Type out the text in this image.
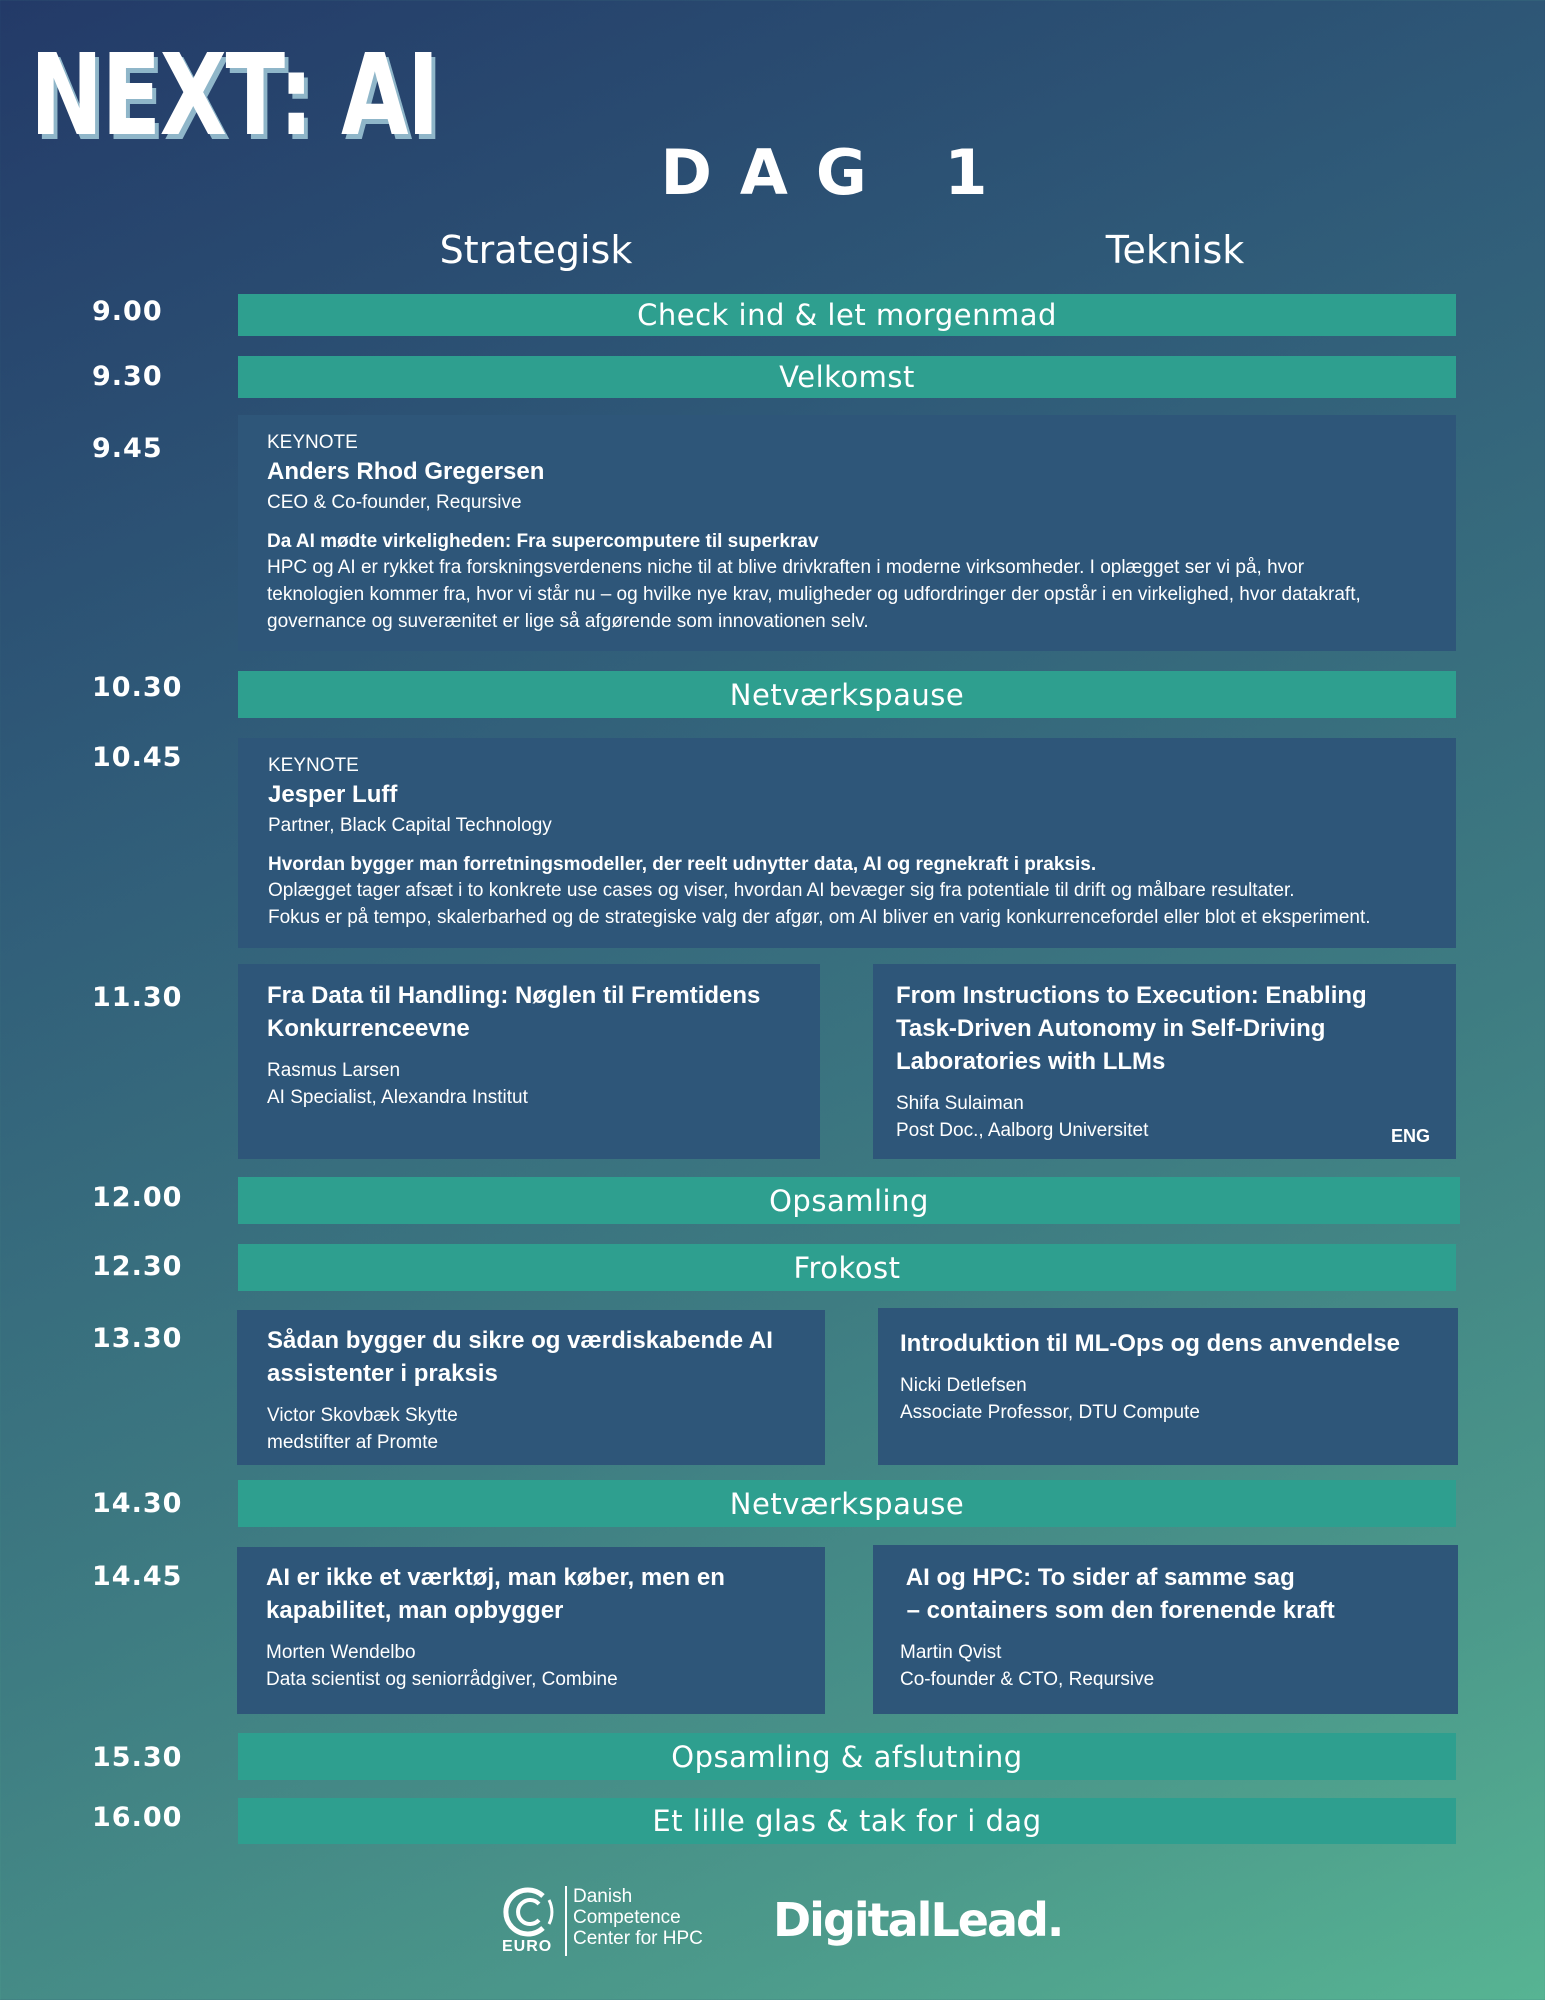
NEXT: AI
DAG 1
Strategisk	Teknisk
9.00
9.30
9.45
10.30
10.45
11.30
12.00
12.30
13.30
14.30
14.45
15.30
16.00
Check ind & let morgenmad
Velkomst
Netværkspause
Opsamling
Frokost
Netværkspause
Opsamling & afslutning
Et lille glas & tak for i dag
KEYNOTE
Anders Rhod Gregersen
CEO & Co-founder, Reqursive
Da AI mødte virkeligheden: Fra supercomputere til superkrav
HPC og AI er rykket fra forskningsverdenens niche til at blive drivkraften i moderne virksomheder. I oplægget ser vi på, hvor
teknologien kommer fra, hvor vi står nu – og hvilke nye krav, muligheder og udfordringer der opstår i en virkelighed, hvor datakraft,
governance og suverænitet er lige så afgørende som innovationen selv.
KEYNOTE
Jesper Luff
Partner, Black Capital Technology
Hvordan bygger man forretningsmodeller, der reelt udnytter data, AI og regnekraft i praksis.
Oplægget tager afsæt i to konkrete use cases og viser, hvordan AI bevæger sig fra potentiale til drift og målbare resultater.
Fokus er på tempo, skalerbarhed og de strategiske valg der afgør, om AI bliver en varig konkurrencefordel eller blot et eksperiment.
Fra Data til Handling: Nøglen til Fremtidens
Konkurrenceevne
Rasmus Larsen
AI Specialist, Alexandra Institut
From Instructions to Execution: Enabling
Task-Driven Autonomy in Self-Driving
Laboratories with LLMs
Shifa Sulaiman
Post Doc., Aalborg Universitet	ENG
Sådan bygger du sikre og værdiskabende AI
assistenter i praksis
Victor Skovbæk Skytte
medstifter af Promte
Introduktion til ML-Ops og dens anvendelse
Nicki Detlefsen
Associate Professor, DTU Compute
AI er ikke et værktøj, man køber, men en
kapabilitet, man opbygger
Morten Wendelbo
Data scientist og seniorrådgiver, Combine
AI og HPC: To sider af samme sag
– containers som den forenende kraft
Martin Qvist
Co-founder & CTO, Reqursive
EURO
Danish
Competence
Center for HPC DigitalLead.
